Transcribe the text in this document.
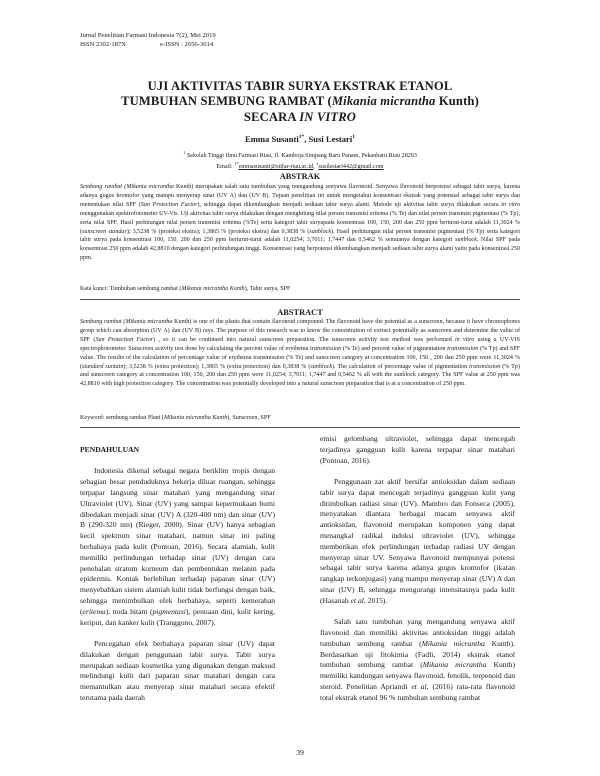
Jurnal Penelitian Farmasi Indonesia 7(2), Mei 2019
ISSN 2302-187X	e-ISSN : 2656-3614
UJI AKTIVITAS TABIR SURYA EKSTRAK ETANOL
TUMBUHAN SEMBUNG RAMBAT (Mikania micrantha Kunth)
SECARA IN VITRO
Emma Susanti$^{1*}$, Susi Lestari$^1$
$^1$ Sekolah Tinggi Ilmu Farmasi Riau, Jl. Kamboja Simpang Baru Panam, Pekanbaru Riau 28293
Email: $^{1*}$emmasusanti@stifar-riau.ac.id, $^1$susilestari442@gmail.com
ABSTRAK
Sembung rambat (Mikania micrantha Kunth) merupakan salah satu tumbuhan yang mengandung senyawa flavonoid. Senyawa flavonoid berpotensi sebagai tabir surya, karena adanya gugus kromofor yang mampu menyerap sinar (UV A) dan (UV B). Tujuan penelitian ini untuk mengetahui konsentrasi ekstrak yang potensial sebagai tabir surya dan menentukan nilai SPF (Sun Protection Factor), sehingga dapat dikembangkan menjadi sediaan tabir surya alami. Metode uji aktivitas tabir surya dilakukan secara in vitro menggunakan spektrofotometer UV-Vis. Uji aktivitas tabir surya dilakukan dengan menghitung nilai persen transmisi eritema (% Te) dan nilai persen transmisi pigmentasi (% Tp), serta nilai SPF. Hasil perhitungan nilai persen transmisi eritema (%Te) serta kategori tabir suryapada konsentrasi 100, 150, 200 dan 250 ppm berturut-turut adalah 11,3024 % (sunscreen standar); 3,5238 % (proteksi ekstra); 1,3865 % (proteksi ekstra) dan 0,3838 % (sunblock). Hasil perhitungan nilai persen transmisi pigmentasi (% Tp) serta kategori tabir surya pada konsentrasi 100, 150, 200 dan 250 ppm berturut-turut adalah 11,0254; 3,7011; 1,7447 dan 0,5462 % semuanya dengan kategori sunblock. Nilai SPF pada konsentrasi 250 ppm adalah 42,8810 dengan kategori perlindungan tinggi. Konsentrasi yang berpotensi dikembangkan menjadi sediaan tabir surya alami yaitu pada konsentrasi 250 ppm.
Kata kunci: Tumbuhan sembung rambat (Mikania micrantha Kunth), Tabir surya, SPF
ABSTRACT
Sembung rambat (Mikania micrantha Kunth) is one of the plants that contain flavonoid compound. The flavonoid have the potential as a sunscreen, because it have chromophores group which can absorption (UV A) dan (UV B) rays. The purpose of this research was to know the concentration of extract potentially as sunscreen and determine the value of SPF (Sun Protection Factor) , so it can be continued into natural sunscreen preparation. The sunscreen activity test method was performed in vitro using a UV-VIS spectrophotometer. Sunscreen activity test done by calculating the percent value of erythema transmission (% Te) and percent value of pigmentation transmission (% Tp) and SPF value. The results of the calculation of percentage value of erythema transmission (% Te) and sunscreen category at concentration 100, 150 , 200 dan 250 ppm were 11,3024 % (standard suntain); 3,5238 % (extra protection); 1,3865 % (extra protection) dan 0,3838 % (sunblock). The calculation of percentage value of pigmentation transmission (% Tp) and sunscreen category at concentration 100, 150, 200 dan 250 ppm were 11,0254; 3,7011; 1,7447 and 0,5462 % all with the sunblock category. The SPF value at 250 ppm was 42,8810 with high protection category. The concentration was potentially developed into a natural sunscreen preparation that is at a concentration of 250 ppm.
Keyword: sembung rambat Plant (Mikania micrantha Kunth), Sunscreen, SPF

PENDAHULUAN

Indonesia dikenal sebagai negara beriklim tropis dengan sebagian besar penduduknya bekerja diluar ruangan, sehingga terpapar langsung sinar matahari yang mengandung sinar Ultraviolet (UV). Sinar (UV) yang sampai kepermukaan bumi dibedakan menjadi sinar (UV) A (320-400 nm) dan sinar (UV) B (290-320 nm) (Rieger, 2000). Sinar (UV) hanya sebagian kecil spektrum sinar matahari, namun sinar ini paling berbahaya pada kulit (Pontoan, 2016). Secara alamiah, kulit memiliki perlindungan terhadap sinar (UV) dengan cara penebalan stratum korneum dan pembentukan melanin pada epidermis. Kontak berlebihan terhadap paparan sinar (UV) menyebabkan sistem alamiah kulit tidak berfungsi dengan baik, sehingga menimbulkan efek berbahaya, seperti kemerahan (eritema), noda hitam (pigmentasi), penuaan dini, kulit kering, keriput, dan kanker kulit (Tranggono, 2007).

Pencegahan efek berbahaya paparan sinar (UV) dapat dilakukan dengan penggunaan tabir surya. Tabir surya merupakan sediaan kosmetika yang digunakan dengan maksud melindungi kulit dari paparan sinar matahari dengan cara memantulkan atau menyerap sinar matahari secara efektif terutama pada daerah

emisi gelombang ultraviolet, sehingga dapat mencegah terjadinya gangguan kulit karena terpapar sinar matahari (Pontoan, 2016).

Penggunaan zat aktif bersifat antioksidan dalam sediaan tabir surya dapat mencegah terjadinya gangguan kulit yang ditimbulkan radiasi sinar (UV). Mambro dan Fonseca (2005), menyatakan diantara berbagai macam senyawa aktif antioksidan, flavonoid merupakan komponen yang dapat menangkal radikal induksi ultraviolet (UV), sehingga memberikan efek perlindungan terhadap radiasi UV dengan menyerap sinar UV. Senyawa flavonoid mempunyai potensi sebagai tabir surya karena adanya gugus kromofor (ikatan rangkap terkonjugasi) yang mampu menyerap sinar (UV) A dan sinar (UV) B, sehingga mengurangi intensitasnya pada kulit (Hasanah et al, 2015).

Salah satu tumbuhan yang mengandung senyawa aktif flavonoid dan memiliki aktivitas antioksidan tinggi adalah tumbuhan sembung rambat (Mikania micrantha Kunth). Berdasarkan uji fitokimia (Fadli, 2014) ekstrak etanol tumbuhan sembung rambat (Mikania micrantha Kunth) memiliki kandungan senyawa flavonoid, fenolik, terpenoid dan steroid. Penelitian Apriandi et al, (2016) rata-rata flavonoid total ekstrak etanol 96 % tumbuhan sembung rambat

39
